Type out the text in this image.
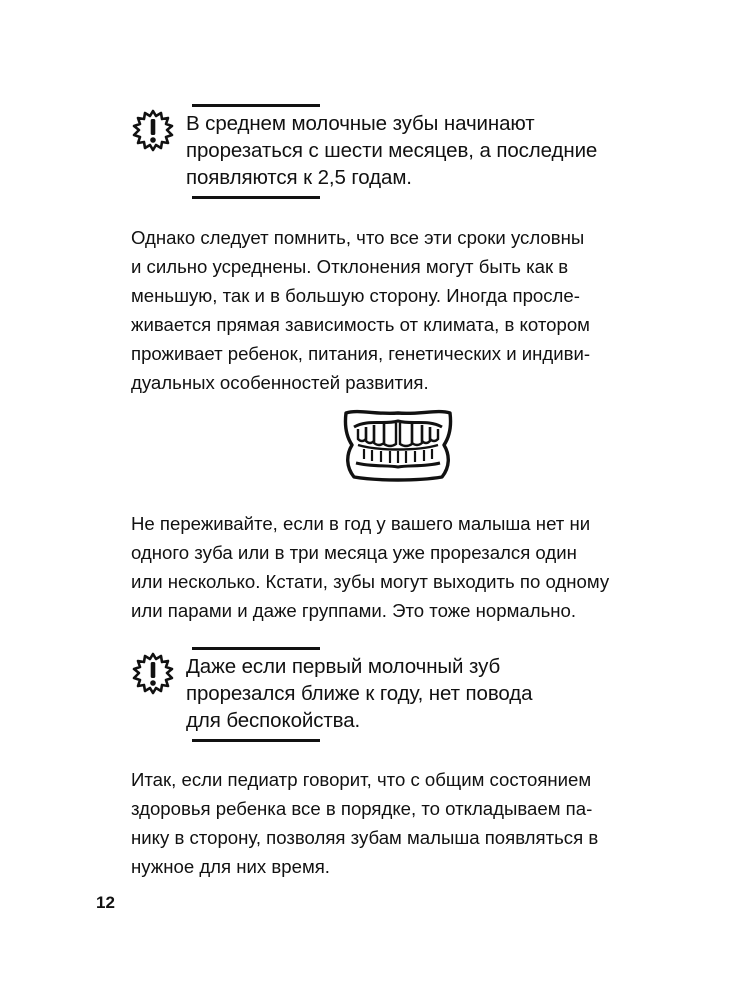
В среднем молочные зубы начинают
прорезаться с шести месяцев, а последние
появляются к 2,5 годам.
Однако следует помнить, что все эти сроки условны
и сильно усреднены. Отклонения могут быть как в
меньшую, так и в большую сторону. Иногда просле-
живается прямая зависимость от климата, в котором
проживает ребенок, питания, генетических и индиви-
дуальных особенностей развития.
Не переживайте, если в год у вашего малыша нет ни
одного зуба или в три месяца уже прорезался один
или несколько. Кстати, зубы могут выходить по одному
или парами и даже группами. Это тоже нормально.
Даже если первый молочный зуб
прорезался ближе к году, нет повода
для беспокойства.
Итак, если педиатр говорит, что с общим состоянием
здоровья ребенка все в порядке, то откладываем па-
нику в сторону, позволяя зубам малыша появляться в
нужное для них время.
12
